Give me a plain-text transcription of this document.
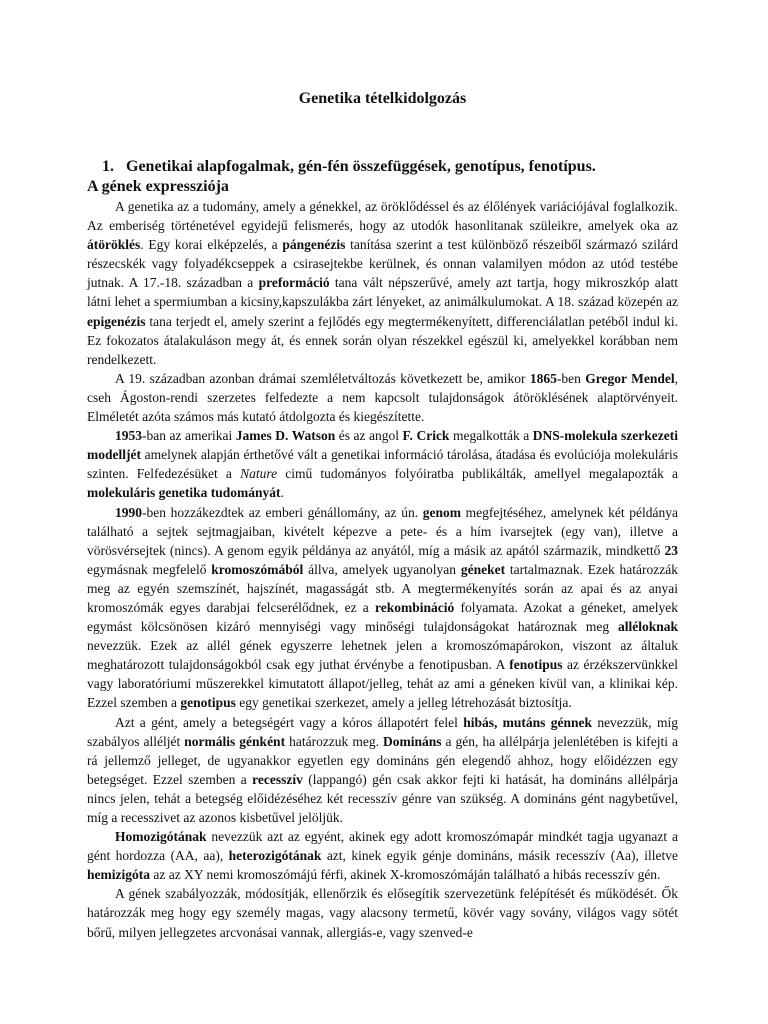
Genetika tételkidolgozás
1. Genetikai alapfogalmak, gén-fén összefüggések, genotípus, fenotípus.
A gének expressziója

A genetika az a tudomány, amely a génekkel, az öröklődéssel és az élőlények variációjával foglalkozik. Az emberiség történetével egyidejű felismerés, hogy az utodók hasonlitanak szüleikre, amelyek oka az átöröklés. Egy korai elképzelés, a pángenézis tanítása szerint a test különböző részeiből származó szilárd részecskék vagy folyadékcseppek a csirasejtekbe kerülnek, és onnan valamilyen módon az utód testébe jutnak. A 17.-18. században a preformáció tana vált népszerűvé, amely azt tartja, hogy mikroszkóp alatt látni lehet a spermiumban a kicsiny,kapszulákba zárt lényeket, az animálkulumokat. A 18. század közepén az epigenézis tana terjedt el, amely szerint a fejlődés egy megtermékenyített, differenciálatlan petéből indul ki. Ez fokozatos átalakuláson megy át, és ennek során olyan részekkel egészül ki, amelyekkel korábban nem rendelkezett.

A 19. században azonban drámai szemléletváltozás következett be, amikor 1865-ben Gregor Mendel, cseh Ágoston-rendi szerzetes felfedezte a nem kapcsolt tulajdonságok átöröklésének alaptörvényeit. Elméletét azóta számos más kutató átdolgozta és kiegészítette.

1953-ban az amerikai James D. Watson és az angol F. Crick megalkották a DNS-molekula szerkezeti modelljét amelynek alapján érthetővé vált a genetikai információ tárolása, átadása és evolúciója molekuláris szinten. Felfedezésüket a Nature cimű tudományos folyóiratba publikálták, amellyel megalapozták a molekuláris genetika tudományát.

1990-ben hozzákezdtek az emberi génállomány, az ún. genom megfejtéséhez, amelynek két példánya található a sejtek sejtmagjaiban, kivételt képezve a pete- és a hím ivarsejtek (egy van), illetve a vörösvérsejtek (nincs). A genom egyik példánya az anyától, míg a másik az apától származik, mindkettő 23 egymásnak megfelelő kromoszómából állva, amelyek ugyanolyan géneket tartalmaznak. Ezek határozzák meg az egyén szemszínét, hajszínét, magasságát stb. A megtermékenyítés során az apai és az anyai kromoszómák egyes darabjai felcserélődnek, ez a rekombináció folyamata. Azokat a géneket, amelyek egymást kölcsönösen kizáró mennyiségi vagy minőségi tulajdonságokat határoznak meg alléloknak nevezzük. Ezek az allél gének egyszerre lehetnek jelen a kromoszómapárokon, viszont az általuk meghatározott tulajdonságokból csak egy juthat érvénybe a fenotipusban. A fenotipus az érzékszervünkkel vagy laboratóriumi műszerekkel kimutatott állapot/jelleg, tehát az ami a géneken kívül van, a klinikai kép. Ezzel szemben a genotipus egy genetikai szerkezet, amely a jelleg létrehozását biztosítja.

Azt a gént, amely a betegségért vagy a kóros állapotért felel hibás, mutáns génnek nevezzük, míg szabályos alléljét normális génként határozzuk meg. Domináns a gén, ha allélpárja jelenlétében is kifejti a rá jellemző jelleget, de ugyanakkor egyetlen egy domináns gén elegendő ahhoz, hogy előidézzen egy betegséget. Ezzel szemben a recesszív (lappangó) gén csak akkor fejti ki hatását, ha domináns allélpárja nincs jelen, tehát a betegség előidézéséhez két recesszív génre van szükség. A domináns gént nagybetűvel, míg a recesszivet az azonos kisbetűvel jelöljük.

Homozigótának nevezzük azt az egyént, akinek egy adott kromoszómapár mindkét tagja ugyanazt a gént hordozza (AA, aa), heterozigótának azt, kinek egyik génje domináns, másik recesszív (Aa), illetve hemizigóta az az XY nemi kromoszómájú férfi, akinek X-kromoszómáján található a hibás recesszív gén.

A gének szabályozzák, módosítják, ellenőrzik és elősegítik szervezetünk felépítését és működését. Ők határozzák meg hogy egy személy magas, vagy alacsony termetű, kövér vagy sovány, világos vagy sötét bőrű, milyen jellegzetes arcvonásai vannak, allergiás-e, vagy szenved-e
